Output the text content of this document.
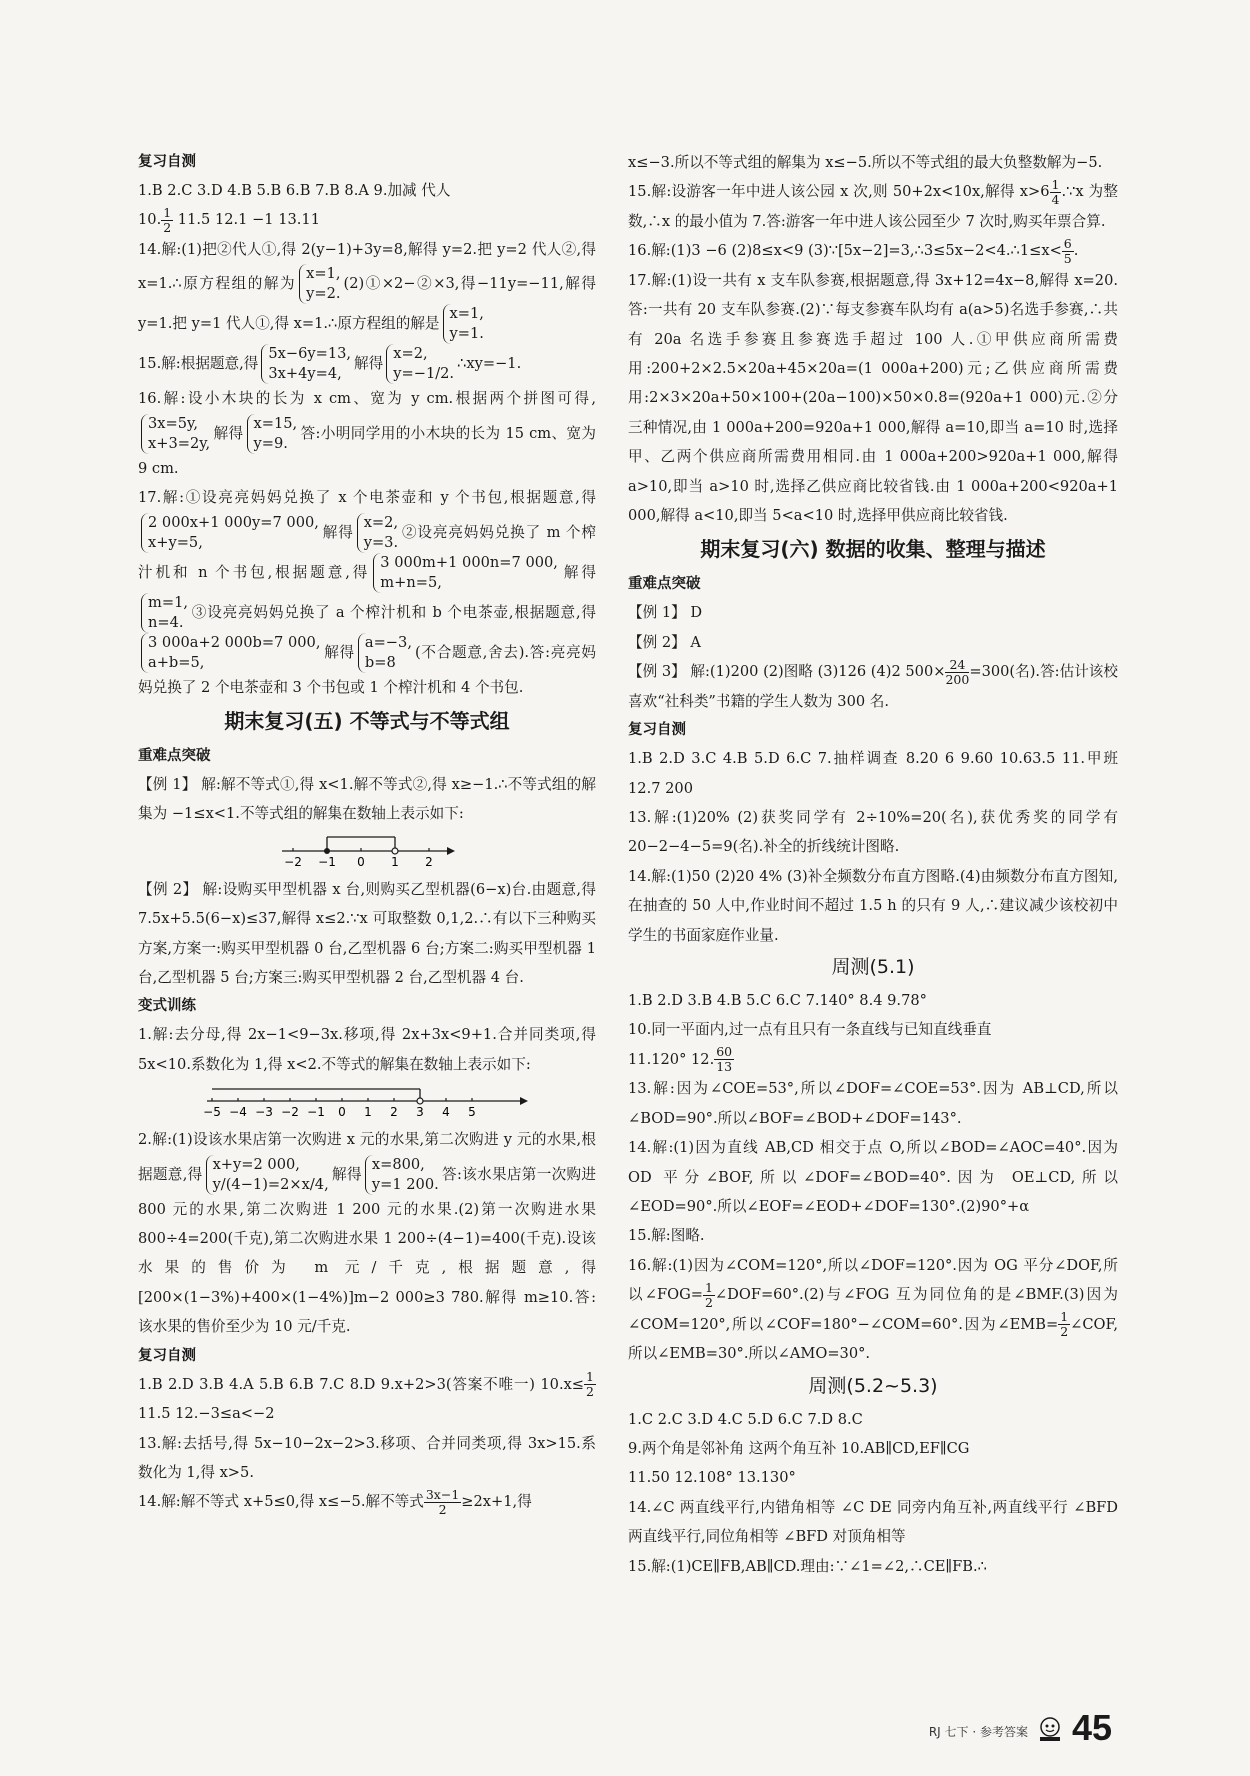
复习自测

1.B 2.C 3.D 4.B 5.B 6.B 7.B 8.A 9.加减 代人

10. $\frac{1}{2} 11.5$ 12.1 −1 13.11

14.解:(1)把②代人①,得 2(y−1)+3y=8,解得 y=2.把 y=2 代人②,得 x=1.∴原方程组的解为x=1,
y=2.(2)①×2−②×3,得−11y=−11,解得 y=1.把 y=1 代人①,得 x=1.∴原方程组的解是x=1,
y=1.

15.解:根据题意,得5x−6y=13,
3x+4y=4,解得x=2,
y=−1/2.∴xy=−1.

16.解:设小木块的长为 x cm、宽为 y cm.根据两个拼图可得,3x=5y,
x+3=2y,解得x=15,
y=9.答:小明同学用的小木块的长为 15 cm、宽为 9 cm.

17.解:①设亮亮妈妈兑换了 x 个电茶壶和 y 个书包,根据题意,得2 000x+1 000y=7 000,
x+y=5,解得x=2,
y=3.②设亮亮妈妈兑换了 m 个榨汁机和 n 个书包,根据题意,得3 000m+1 000n=7 000,
m+n=5,解得m=1,
n=4.③设亮亮妈妈兑换了 a 个榨汁机和 b 个电茶壶,根据题意,得3 000a+2 000b=7 000,
a+b=5,解得a=−3,
b=8(不合题意,舍去).答:亮亮妈妈兑换了 2 个电茶壶和 3 个书包或 1 个榨汁机和 4 个书包.

期末复习(五) 不等式与不等式组

重难点突破

【例 1】 解:解不等式①,得 x<1.解不等式②,得 x≥−1.∴不等式组的解集为 −1≤x<1.不等式组的解集在数轴上表示如下:

−2 −1 0 1 2

【例 2】 解:设购买甲型机器 x 台,则购买乙型机器(6−x)台.由题意,得 7.5x+5.5(6−x)≤37,解得 x≤2.∵x 可取整数 0,1,2.∴有以下三种购买方案,方案一:购买甲型机器 0 台,乙型机器 6 台;方案二:购买甲型机器 1 台,乙型机器 5 台;方案三:购买甲型机器 2 台,乙型机器 4 台.

变式训练

1.解:去分母,得 2x−1<9−3x.移项,得 2x+3x<9+1.合并同类项,得 5x<10.系数化为 1,得 x<2.不等式的解集在数轴上表示如下:

−5 −4 −3 −2 −1 0 1 2 3 4 5

2.解:(1)设该水果店第一次购进 x 元的水果,第二次购进 y 元的水果,根据题意,得x+y=2 000,
y/(4−1)=2×x/4,解得x=800,
y=1 200.答:该水果店第一次购进 800 元的水果,第二次购进 1 200 元的水果.(2)第一次购进水果 800÷4=200(千克),第二次购进水果 1 200÷(4−1)=400(千克).设该水果的售价为 m 元/千克,根据题意,得[200×(1−3%)+400×(1−4%)]m−2 000≥3 780.解得 m≥10.答:该水果的售价至少为 10 元/千克.

复习自测

1.B 2.D 3.B 4.A 5.B 6.B 7.C 8.D 9.x+2>3(答案不唯一) $10.x\le \frac{1}{2}$
11.5 12.−3≤a<−2

13.解:去括号,得 5x−10−2x−2>3.移项、合并同类项,得 3x>15.系数化为 1,得 x>5.

14.解:解不等式 x+5≤0,得 x≤−5.解不等式 $\frac{3x-1}{2} \ge 2x+1$,得

x≤−3.所以不等式组的解集为 x≤−5.所以不等式组的最大负整数解为−5.

15.解:设游客一年中进人该公园 x 次,则 50+2x<10x,解得 $x>6 \frac{1}{4}$ .∵x 为整数,∴x 的最小值为 7.答:游客一年中进人该公园至少 7 次时,购买年票合算.

16.解:(1)3 −6 (2)8≤x<9 (3)∵[5x−2]=3,∴3≤5x−2<4.∴1≤x< $\frac{6}{5}$ .

17.解:(1)设一共有 x 支车队参赛,根据题意,得 3x+12=4x−8,解得 x=20.答:一共有 20 支车队参赛.(2)∵每支参赛车队均有 a(a>5)名选手参赛,∴共有 20a 名选手参赛且参赛选手超过 100 人.①甲供应商所需费用:200+2×2.5×20a+45×20a=(1 000a+200)元;乙供应商所需费用:2×3×20a+50×100+(20a−100)×50×0.8=(920a+1 000)元.②分三种情况,由 1 000a+200=920a+1 000,解得 a=10,即当 a=10 时,选择甲、乙两个供应商所需费用相同.由 1 000a+200>920a+1 000,解得 a>10,即当 a>10 时,选择乙供应商比较省钱.由 1 000a+200<920a+1 000,解得 a<10,即当 5<a<10 时,选择甲供应商比较省钱.

期末复习(六) 数据的收集、整理与描述

重难点突破

【例 1】 D

【例 2】 A

【例 3】 解:(1)200 (2)图略 (3)126 (4)2 $500\times \frac{24}{200} =300$(名).答:估计该校喜欢“社科类”书籍的学生人数为 300 名.

复习自测

1.B 2.D 3.C 4.B 5.D 6.C 7.抽样调查 8.20 6 9.60 10.63.5 11.甲班 12.7 200

13.解:(1)20% (2)获奖同学有 2÷10%=20(名),获优秀奖的同学有 20−2−4−5=9(名).补全的折线统计图略.

14.解:(1)50 (2)20 4% (3)补全频数分布直方图略.(4)由频数分布直方图知,在抽查的 50 人中,作业时间不超过 1.5 h 的只有 9 人,∴建议减少该校初中学生的书面家庭作业量.

周测(5.1)

1.B 2.D 3.B 4.B 5.C 6.C 7.140° 8.4 9.78°

10.同一平面内,过一点有且只有一条直线与已知直线垂直

11.120° 12. $\frac{60}{13}$

13.解:因为∠COE=53°,所以∠DOF=∠COE=53°.因为 AB⊥CD,所以∠BOD=90°.所以∠BOF=∠BOD+∠DOF=143°.

14.解:(1)因为直线 AB,CD 相交于点 O,所以∠BOD=∠AOC=40°.因为 OD 平分∠BOF,所以∠DOF=∠BOD=40°.因为 OE⊥CD,所以∠EOD=90°.所以∠EOF=∠EOD+∠DOF=130°.(2)90°+α

15.解:图略.

16.解:(1)因为∠COM=120°,所以∠DOF=120°.因为 OG 平分∠DOF,所以∠FOG= $\frac{1}{2}$ ∠DOF=60°.(2)与∠FOG 互为同位角的是∠BMF.(3)因为∠COM=120°,所以∠COF=180°−∠COM=60°.因为∠EMB= $\frac{1}{2}$ ∠COF,所以∠EMB=30°.所以∠AMO=30°.

周测(5.2~5.3)

1.C 2.C 3.D 4.C 5.D 6.C 7.D 8.C

9.两个角是邻补角 这两个角互补 10.AB∥CD,EF∥CG

11.50 12.108° 13.130°

14.∠C 两直线平行,内错角相等 ∠C DE 同旁内角互补,两直线平行 ∠BFD 两直线平行,同位角相等 ∠BFD 对顶角相等

15.解:(1)CE∥FB,AB∥CD.理由:∵∠1=∠2,∴CE∥FB.∴

RJ 七下 · 参考答案 45
